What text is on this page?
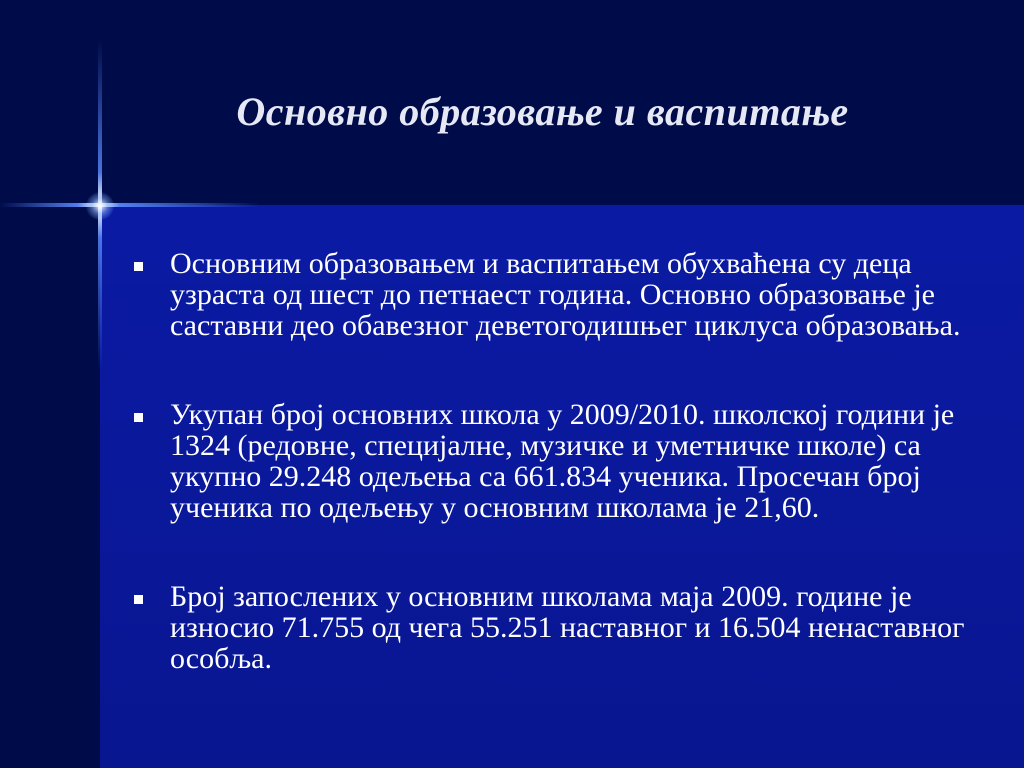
Основно образовање и васпитање
Основним образовањем и васпитањем обухваћена су деца узраста од шест до петнаест година. Основно образовање је саставни део обавезног деветогодишњег циклуса образовања.
Укупан број основних школа у 2009/2010. школској години је 1324 (редовне, специјалне, музичке и уметничке школе) са укупно 29.248 одељења са 661.834 ученика. Просечан број ученика по одељењу у основним школама је 21,60.
Број запослених у основним школама маја 2009. године је износио 71.755 од чега 55.251 наставног и 16.504 ненаставног особља.
